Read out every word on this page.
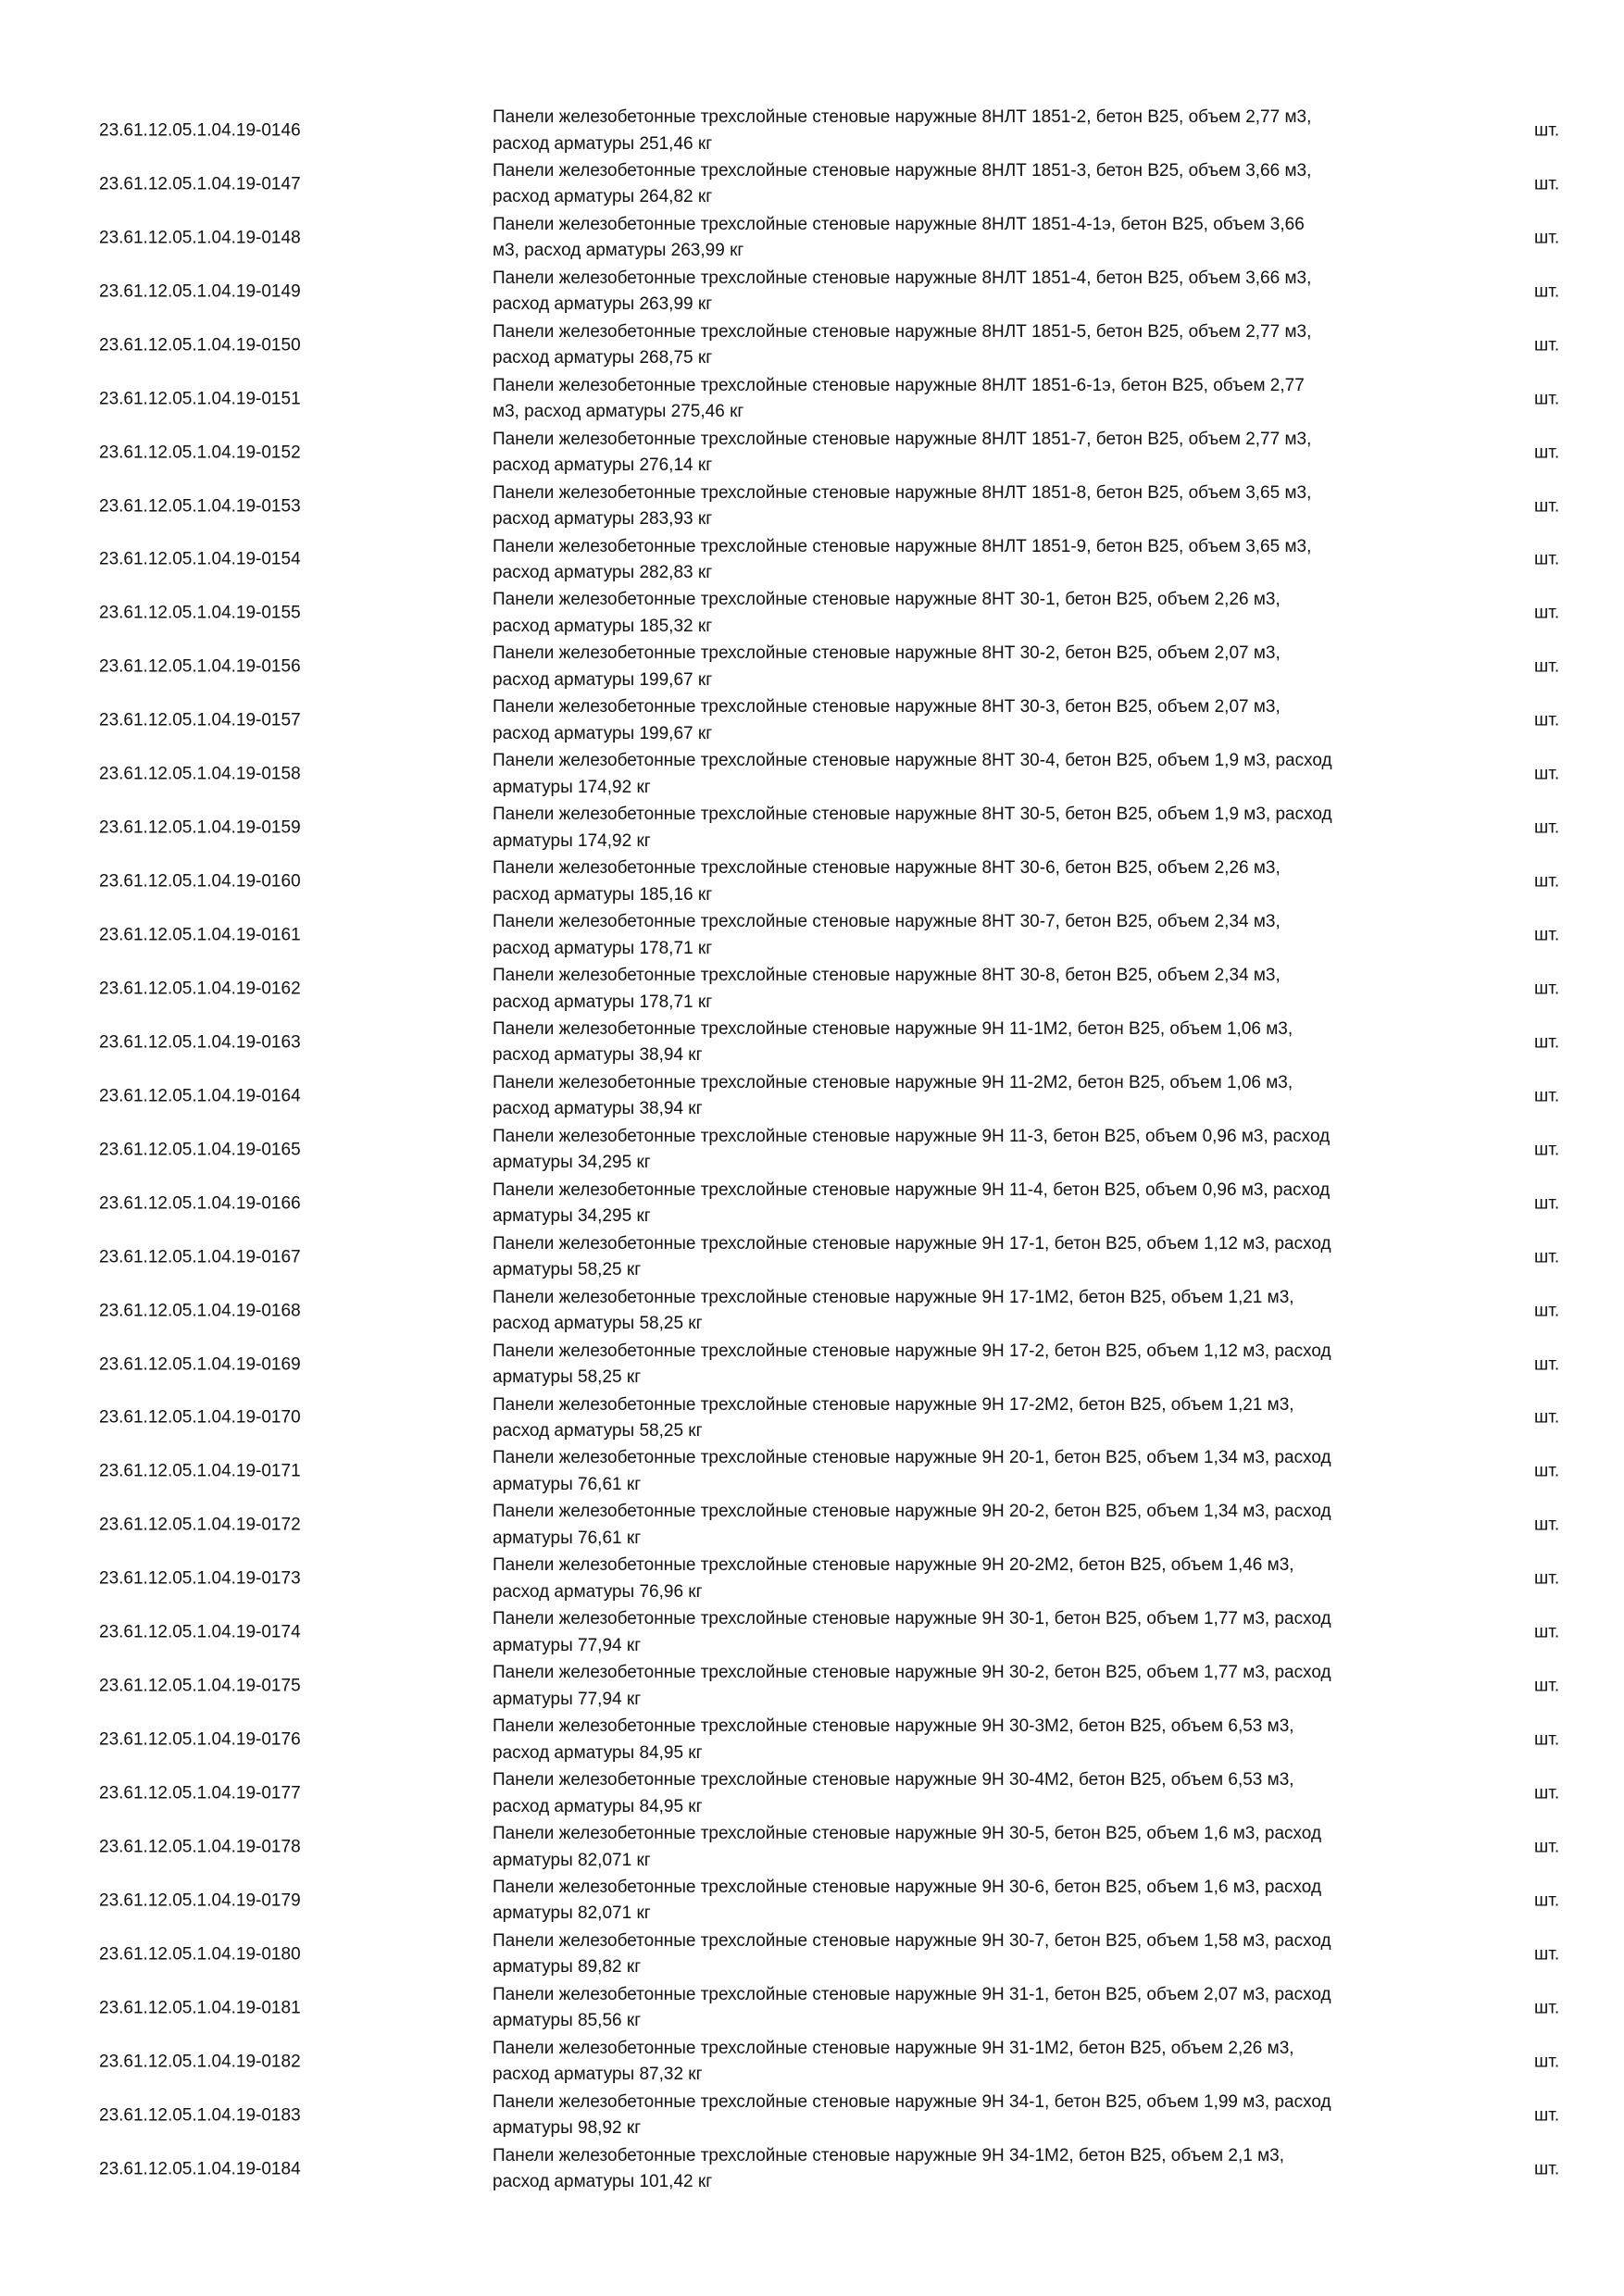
23.61.12.05.1.04.19-0146
Панели железобетонные трехслойные стеновые наружные 8НЛТ 1851-2, бетон В25, объем 2,77 м3,
расход арматуры 251,46 кг
шт.
23.61.12.05.1.04.19-0147
Панели железобетонные трехслойные стеновые наружные 8НЛТ 1851-3, бетон В25, объем 3,66 м3,
расход арматуры 264,82 кг
шт.
23.61.12.05.1.04.19-0148
Панели железобетонные трехслойные стеновые наружные 8НЛТ 1851-4-1э, бетон В25, объем 3,66
м3, расход арматуры 263,99 кг
шт.
23.61.12.05.1.04.19-0149
Панели железобетонные трехслойные стеновые наружные 8НЛТ 1851-4, бетон В25, объем 3,66 м3,
расход арматуры 263,99 кг
шт.
23.61.12.05.1.04.19-0150
Панели железобетонные трехслойные стеновые наружные 8НЛТ 1851-5, бетон В25, объем 2,77 м3,
расход арматуры 268,75 кг
шт.
23.61.12.05.1.04.19-0151
Панели железобетонные трехслойные стеновые наружные 8НЛТ 1851-6-1э, бетон В25, объем 2,77
м3, расход арматуры 275,46 кг
шт.
23.61.12.05.1.04.19-0152
Панели железобетонные трехслойные стеновые наружные 8НЛТ 1851-7, бетон В25, объем 2,77 м3,
расход арматуры 276,14 кг
шт.
23.61.12.05.1.04.19-0153
Панели железобетонные трехслойные стеновые наружные 8НЛТ 1851-8, бетон В25, объем 3,65 м3,
расход арматуры 283,93 кг
шт.
23.61.12.05.1.04.19-0154
Панели железобетонные трехслойные стеновые наружные 8НЛТ 1851-9, бетон В25, объем 3,65 м3,
расход арматуры 282,83 кг
шт.
23.61.12.05.1.04.19-0155
Панели железобетонные трехслойные стеновые наружные 8НТ 30-1, бетон В25, объем 2,26 м3,
расход арматуры 185,32 кг
шт.
23.61.12.05.1.04.19-0156
Панели железобетонные трехслойные стеновые наружные 8НТ 30-2, бетон В25, объем 2,07 м3,
расход арматуры 199,67 кг
шт.
23.61.12.05.1.04.19-0157
Панели железобетонные трехслойные стеновые наружные 8НТ 30-3, бетон В25, объем 2,07 м3,
расход арматуры 199,67 кг
шт.
23.61.12.05.1.04.19-0158
Панели железобетонные трехслойные стеновые наружные 8НТ 30-4, бетон В25, объем 1,9 м3, расход
арматуры 174,92 кг
шт.
23.61.12.05.1.04.19-0159
Панели железобетонные трехслойные стеновые наружные 8НТ 30-5, бетон В25, объем 1,9 м3, расход
арматуры 174,92 кг
шт.
23.61.12.05.1.04.19-0160
Панели железобетонные трехслойные стеновые наружные 8НТ 30-6, бетон В25, объем 2,26 м3,
расход арматуры 185,16 кг
шт.
23.61.12.05.1.04.19-0161
Панели железобетонные трехслойные стеновые наружные 8НТ 30-7, бетон В25, объем 2,34 м3,
расход арматуры 178,71 кг
шт.
23.61.12.05.1.04.19-0162
Панели железобетонные трехслойные стеновые наружные 8НТ 30-8, бетон В25, объем 2,34 м3,
расход арматуры 178,71 кг
шт.
23.61.12.05.1.04.19-0163
Панели железобетонные трехслойные стеновые наружные 9Н 11-1М2, бетон В25, объем 1,06 м3,
расход арматуры 38,94 кг
шт.
23.61.12.05.1.04.19-0164
Панели железобетонные трехслойные стеновые наружные 9Н 11-2М2, бетон В25, объем 1,06 м3,
расход арматуры 38,94 кг
шт.
23.61.12.05.1.04.19-0165
Панели железобетонные трехслойные стеновые наружные 9Н 11-3, бетон В25, объем 0,96 м3, расход
арматуры 34,295 кг
шт.
23.61.12.05.1.04.19-0166
Панели железобетонные трехслойные стеновые наружные 9Н 11-4, бетон В25, объем 0,96 м3, расход
арматуры 34,295 кг
шт.
23.61.12.05.1.04.19-0167
Панели железобетонные трехслойные стеновые наружные 9Н 17-1, бетон В25, объем 1,12 м3, расход
арматуры 58,25 кг
шт.
23.61.12.05.1.04.19-0168
Панели железобетонные трехслойные стеновые наружные 9Н 17-1М2, бетон В25, объем 1,21 м3,
расход арматуры 58,25 кг
шт.
23.61.12.05.1.04.19-0169
Панели железобетонные трехслойные стеновые наружные 9Н 17-2, бетон В25, объем 1,12 м3, расход
арматуры 58,25 кг
шт.
23.61.12.05.1.04.19-0170
Панели железобетонные трехслойные стеновые наружные 9Н 17-2М2, бетон В25, объем 1,21 м3,
расход арматуры 58,25 кг
шт.
23.61.12.05.1.04.19-0171
Панели железобетонные трехслойные стеновые наружные 9Н 20-1, бетон В25, объем 1,34 м3, расход
арматуры 76,61 кг
шт.
23.61.12.05.1.04.19-0172
Панели железобетонные трехслойные стеновые наружные 9Н 20-2, бетон В25, объем 1,34 м3, расход
арматуры 76,61 кг
шт.
23.61.12.05.1.04.19-0173
Панели железобетонные трехслойные стеновые наружные 9Н 20-2М2, бетон В25, объем 1,46 м3,
расход арматуры 76,96 кг
шт.
23.61.12.05.1.04.19-0174
Панели железобетонные трехслойные стеновые наружные 9Н 30-1, бетон В25, объем 1,77 м3, расход
арматуры 77,94 кг
шт.
23.61.12.05.1.04.19-0175
Панели железобетонные трехслойные стеновые наружные 9Н 30-2, бетон В25, объем 1,77 м3, расход
арматуры 77,94 кг
шт.
23.61.12.05.1.04.19-0176
Панели железобетонные трехслойные стеновые наружные 9Н 30-3М2, бетон В25, объем 6,53 м3,
расход арматуры 84,95 кг
шт.
23.61.12.05.1.04.19-0177
Панели железобетонные трехслойные стеновые наружные 9Н 30-4М2, бетон В25, объем 6,53 м3,
расход арматуры 84,95 кг
шт.
23.61.12.05.1.04.19-0178
Панели железобетонные трехслойные стеновые наружные 9Н 30-5, бетон В25, объем 1,6 м3, расход
арматуры 82,071 кг
шт.
23.61.12.05.1.04.19-0179
Панели железобетонные трехслойные стеновые наружные 9Н 30-6, бетон В25, объем 1,6 м3, расход
арматуры 82,071 кг
шт.
23.61.12.05.1.04.19-0180
Панели железобетонные трехслойные стеновые наружные 9Н 30-7, бетон В25, объем 1,58 м3, расход
арматуры 89,82 кг
шт.
23.61.12.05.1.04.19-0181
Панели железобетонные трехслойные стеновые наружные 9Н 31-1, бетон В25, объем 2,07 м3, расход
арматуры 85,56 кг
шт.
23.61.12.05.1.04.19-0182
Панели железобетонные трехслойные стеновые наружные 9Н 31-1М2, бетон В25, объем 2,26 м3,
расход арматуры 87,32 кг
шт.
23.61.12.05.1.04.19-0183
Панели железобетонные трехслойные стеновые наружные 9Н 34-1, бетон В25, объем 1,99 м3, расход
арматуры 98,92 кг
шт.
23.61.12.05.1.04.19-0184
Панели железобетонные трехслойные стеновые наружные 9Н 34-1М2, бетон В25, объем 2,1 м3,
расход арматуры 101,42 кг
шт.
